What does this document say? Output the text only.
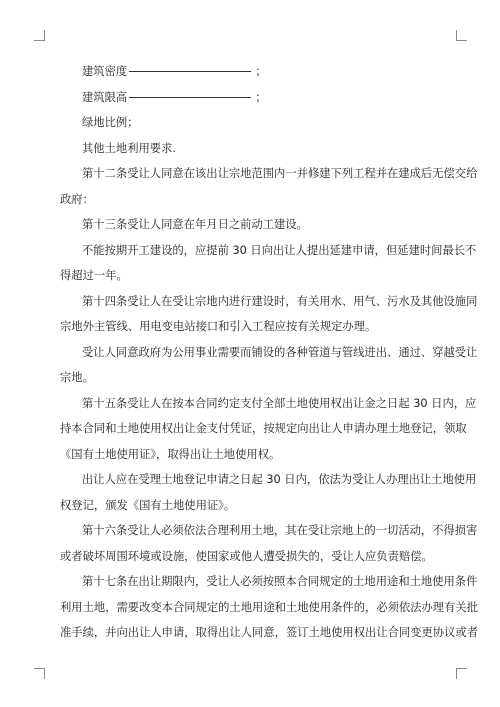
建筑密度	；
建筑限高	；
绿地比例；
其他土地利用要求.
第十二条受让人同意在该出让宗地范围内一并修建下列工程并在建成后无偿交给
政府：
第十三条受让人同意在年月日之前动工建设。
不能按期开工建设的，应提前 30 日向出让人提出延建申请，但延建时间最长不
得超过一年。
第十四条受让人在受让宗地内进行建设时，有关用水、用气、污水及其他设施同
宗地外主管线、用电变电站接口和引入工程应按有关规定办理。
受让人同意政府为公用事业需要而铺设的各种管道与管线进出、通过、穿越受让
宗地。
第十五条受让人在按本合同约定支付全部土地使用权出让金之日起 30 日内，应
持本合同和土地使用权出让金支付凭证，按规定向出让人申请办理土地登记，领取
《国有土地使用证》，取得出让土地使用权。
出让人应在受理土地登记申请之日起 30 日内，依法为受让人办理出让土地使用
权登记，颁发《国有土地使用证》。
第十六条受让人必须依法合理利用土地，其在受让宗地上的一切活动，不得损害
或者破坏周围环境或设施，使国家或他人遭受损失的，受让人应负责赔偿。
第十七条在出让期限内，受让人必须按照本合同规定的土地用途和土地使用条件
利用土地，需要改变本合同规定的土地用途和土地使用条件的，必须依法办理有关批
准手续，并向出让人申请，取得出让人同意，签订土地使用权出让合同变更协议或者
